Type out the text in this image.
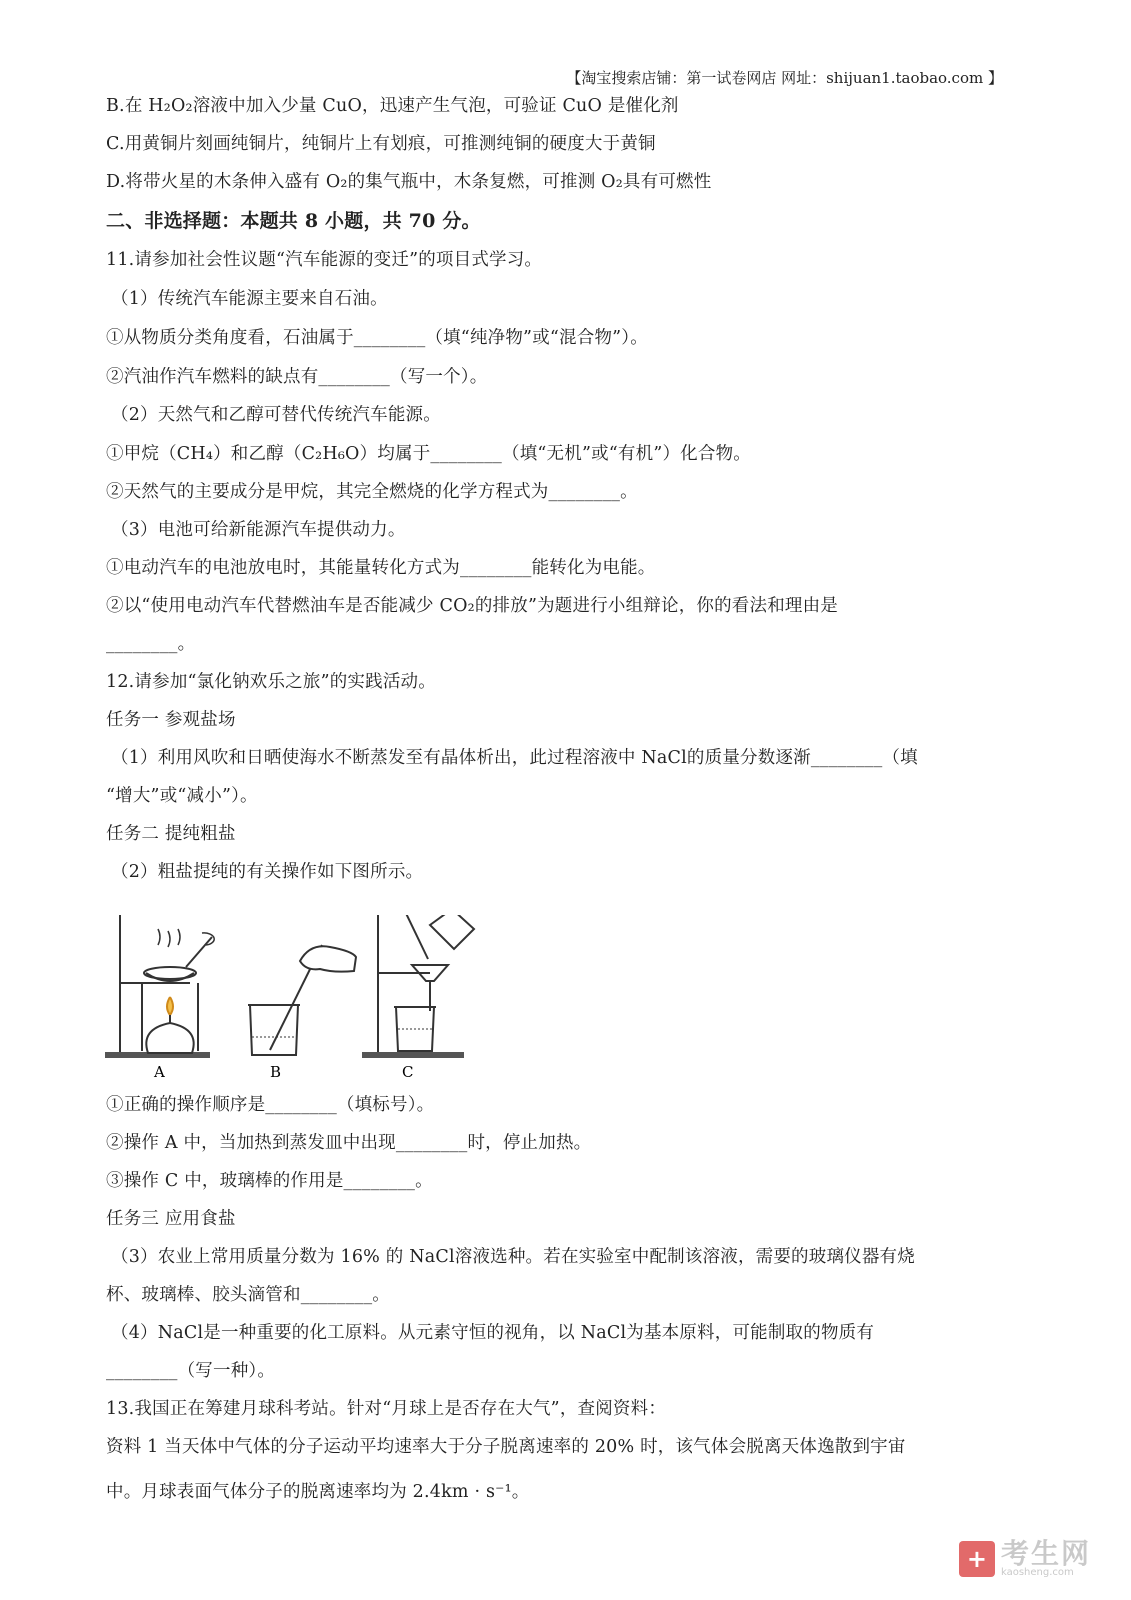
【淘宝搜索店铺：第一试卷网店 网址：shijuan1.taobao.com 】
B.在 H₂O₂溶液中加入少量 CuO，迅速产生气泡，可验证 CuO 是催化剂
C.用黄铜片刻画纯铜片，纯铜片上有划痕，可推测纯铜的硬度大于黄铜
D.将带火星的木条伸入盛有 O₂的集气瓶中，木条复燃，可推测 O₂具有可燃性
二、非选择题：本题共 8 小题，共 70 分。
11.请参加社会性议题“汽车能源的变迁”的项目式学习。
（1）传统汽车能源主要来自石油。
①从物质分类角度看，石油属于________（填“纯净物”或“混合物”）。
②汽油作汽车燃料的缺点有________（写一个）。
（2）天然气和乙醇可替代传统汽车能源。
①甲烷（CH₄）和乙醇（C₂H₆O）均属于________（填“无机”或“有机”）化合物。
②天然气的主要成分是甲烷，其完全燃烧的化学方程式为________。
（3）电池可给新能源汽车提供动力。
①电动汽车的电池放电时，其能量转化方式为________能转化为电能。
②以“使用电动汽车代替燃油车是否能减少 CO₂的排放”为题进行小组辩论，你的看法和理由是
________。
12.请参加“氯化钠欢乐之旅”的实践活动。
任务一 参观盐场
（1）利用风吹和日晒使海水不断蒸发至有晶体析出，此过程溶液中 NaCl的质量分数逐渐________（填
“增大”或“减小”）。
任务二 提纯粗盐
（2）粗盐提纯的有关操作如下图所示。
A	B	C
①正确的操作顺序是________（填标号）。
②操作 A 中，当加热到蒸发皿中出现________时，停止加热。
③操作 C 中，玻璃棒的作用是________。
任务三 应用食盐
（3）农业上常用质量分数为 16% 的 NaCl溶液选种。若在实验室中配制该溶液，需要的玻璃仪器有烧
杯、玻璃棒、胶头滴管和________。
（4）NaCl是一种重要的化工原料。从元素守恒的视角，以 NaCl为基本原料，可能制取的物质有
________（写一种）。
13.我国正在筹建月球科考站。针对“月球上是否存在大气”，查阅资料：
资料 1 当天体中气体的分子运动平均速率大于分子脱离速率的 20% 时，该气体会脱离天体逸散到宇宙
中。月球表面气体分子的脱离速率均为 2.4km · s⁻¹。
+ 考生网
kaosheng.com
